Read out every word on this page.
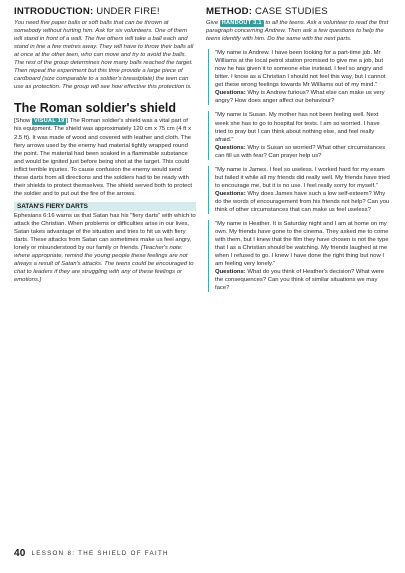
INTRODUCTION: UNDER FIRE!

You need five paper balls or soft balls that can be thrown at somebody without hurting him. Ask for six volunteers. One of them will stand in front of a wall. The five others will take a ball each and stand in line a few metres away. They will have to throw their balls all at once at the other teen, who can move and try to avoid the balls. The rest of the group determines how many balls reached the target. Then repeat the experiment but this time provide a large piece of cardboard (size comparable to a soldier's breastplate) the teen can use as protection. The group will see how effective this protection is.

The Roman soldier's shield

[Show VISUAL 19 ] The Roman soldier's shield was a vital part of his equipment. The shield was approximately 120 cm x 75 cm (4 ft x 2.5 ft). It was made of wood and covered with leather and cloth. The fiery arrows used by the enemy had material tightly wrapped round the point. The material had been soaked in a flammable substance and would be ignited just before being shot at the target. This could inflict terrible injuries. To cause confusion the enemy would send these darts from all directions and the soldiers had to be ready with their shields to protect themselves. The shield served both to protect the soldier and to put out the fire of the arrows.

SATAN'S FIERY DARTS

Ephesians 6:16 warns us that Satan has his "fiery darts" with which to attack the Christian. When problems or difficulties arise in our lives, Satan takes advantage of the situation and tries to hit us with fiery darts. These attacks from Satan can sometimes make us feel angry, lonely or misunderstood by our family or friends. [Teacher's note: where appropriate, remind the young people these feelings are not always a result of Satan's attacks. The teens could be encouraged to chat to leaders if they are struggling with any of these feelings or emotions.]

METHOD: CASE STUDIES

Give HANDOUT 3.1 to all the teens. Ask a volunteer to read the first paragraph concerning Andrew. Then ask a few questions to help the teens identify with him. Do the same with the next parts.

"My name is Andrew. I have been looking for a part-time job. Mr Williams at the local petrol station promised to give me a job, but now he has given it to someone else instead. I feel so angry and bitter. I know as a Christian I should not feel this way, but I cannot get these wrong feelings towards Mr Williams out of my mind."

Questions: Why is Andrew furious? What else can make us very angry? How does anger affect our behaviour?

"My name is Susan. My mother has not been feeling well. Next week she has to go to hospital for tests. I am so worried. I have tried to pray but I can think about nothing else, and feel really afraid."

Questions: Why is Susan so worried? What other circumstances can fill us with fear? Can prayer help us?

"My name is James. I feel so useless. I worked hard for my exam but failed it while all my friends did really well. My friends have tried to encourage me, but it is no use. I feel really sorry for myself."

Questions: Why does James have such a low self-esteem? Why do the words of encouragement from his friends not help? Can you think of other circumstances that can make us feel useless?

"My name is Heather. It is Saturday night and I am at home on my own. My friends have gone to the cinema. They asked me to come with them, but I knew that the film they have chosen is not the type that I as a Christian should be watching. My friends laughed at me when I refused to go. I knew I have done the right thing but now I am feeling very lonely."

Questions: What do you think of Heather's decision? What were the consequences? Can you think of similar situations we may face?

40 LESSON 8: THE SHIELD OF FAITH
